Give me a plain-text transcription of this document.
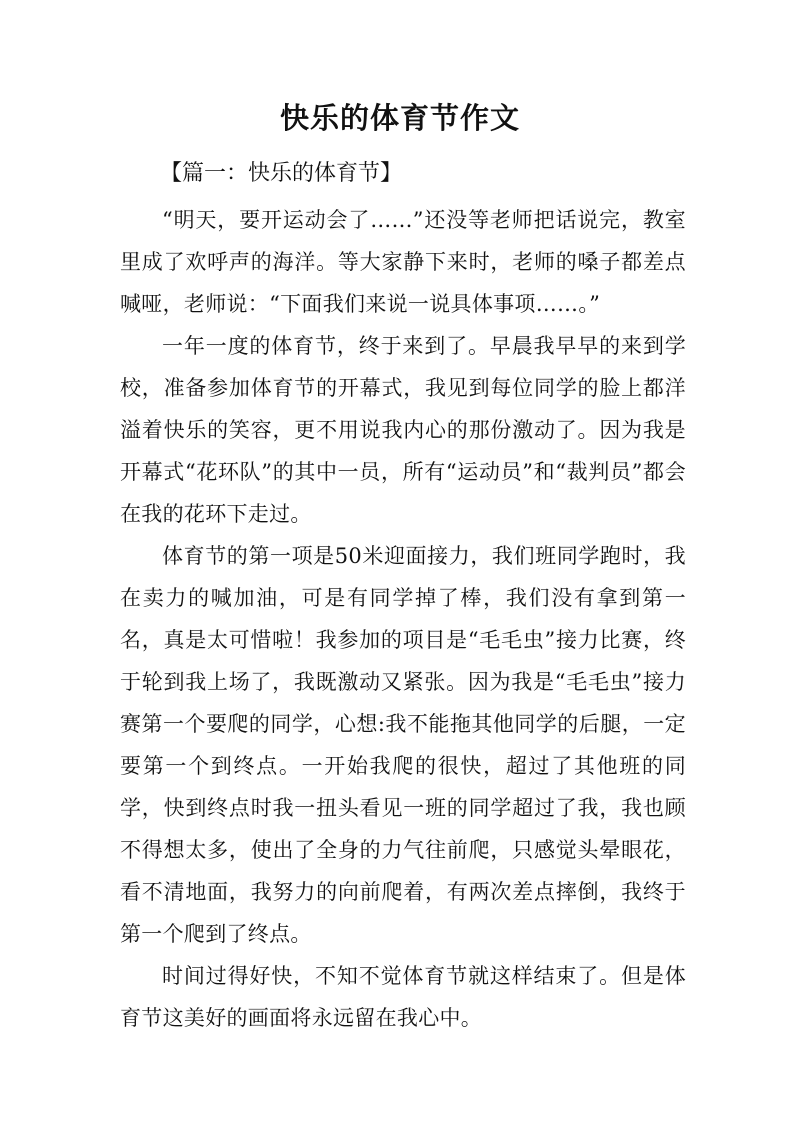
快乐的体育节作文
【篇一：快乐的体育节】

“明天，要开运动会了……”还没等老师把话说完，教室里成了欢呼声的海洋。等大家静下来时，老师的嗓子都差点喊哑，老师说：“下面我们来说一说具体事项……。”

一年一度的体育节，终于来到了。早晨我早早的来到学校，准备参加体育节的开幕式，我见到每位同学的脸上都洋溢着快乐的笑容，更不用说我内心的那份激动了。因为我是开幕式“花环队”的其中一员，所有“运动员”和“裁判员”都会在我的花环下走过。

体育节的第一项是50米迎面接力，我们班同学跑时，我在卖力的喊加油，可是有同学掉了棒，我们没有拿到第一名，真是太可惜啦！我参加的项目是“毛毛虫”接力比赛，终于轮到我上场了，我既激动又紧张。因为我是“毛毛虫”接力赛第一个要爬的同学，心想:我不能拖其他同学的后腿，一定要第一个到终点。一开始我爬的很快，超过了其他班的同学，快到终点时我一扭头看见一班的同学超过了我，我也顾不得想太多，使出了全身的力气往前爬，只感觉头晕眼花，看不清地面，我努力的向前爬着，有两次差点摔倒，我终于第一个爬到了终点。

时间过得好快，不知不觉体育节就这样结束了。但是体育节这美好的画面将永远留在我心中。
